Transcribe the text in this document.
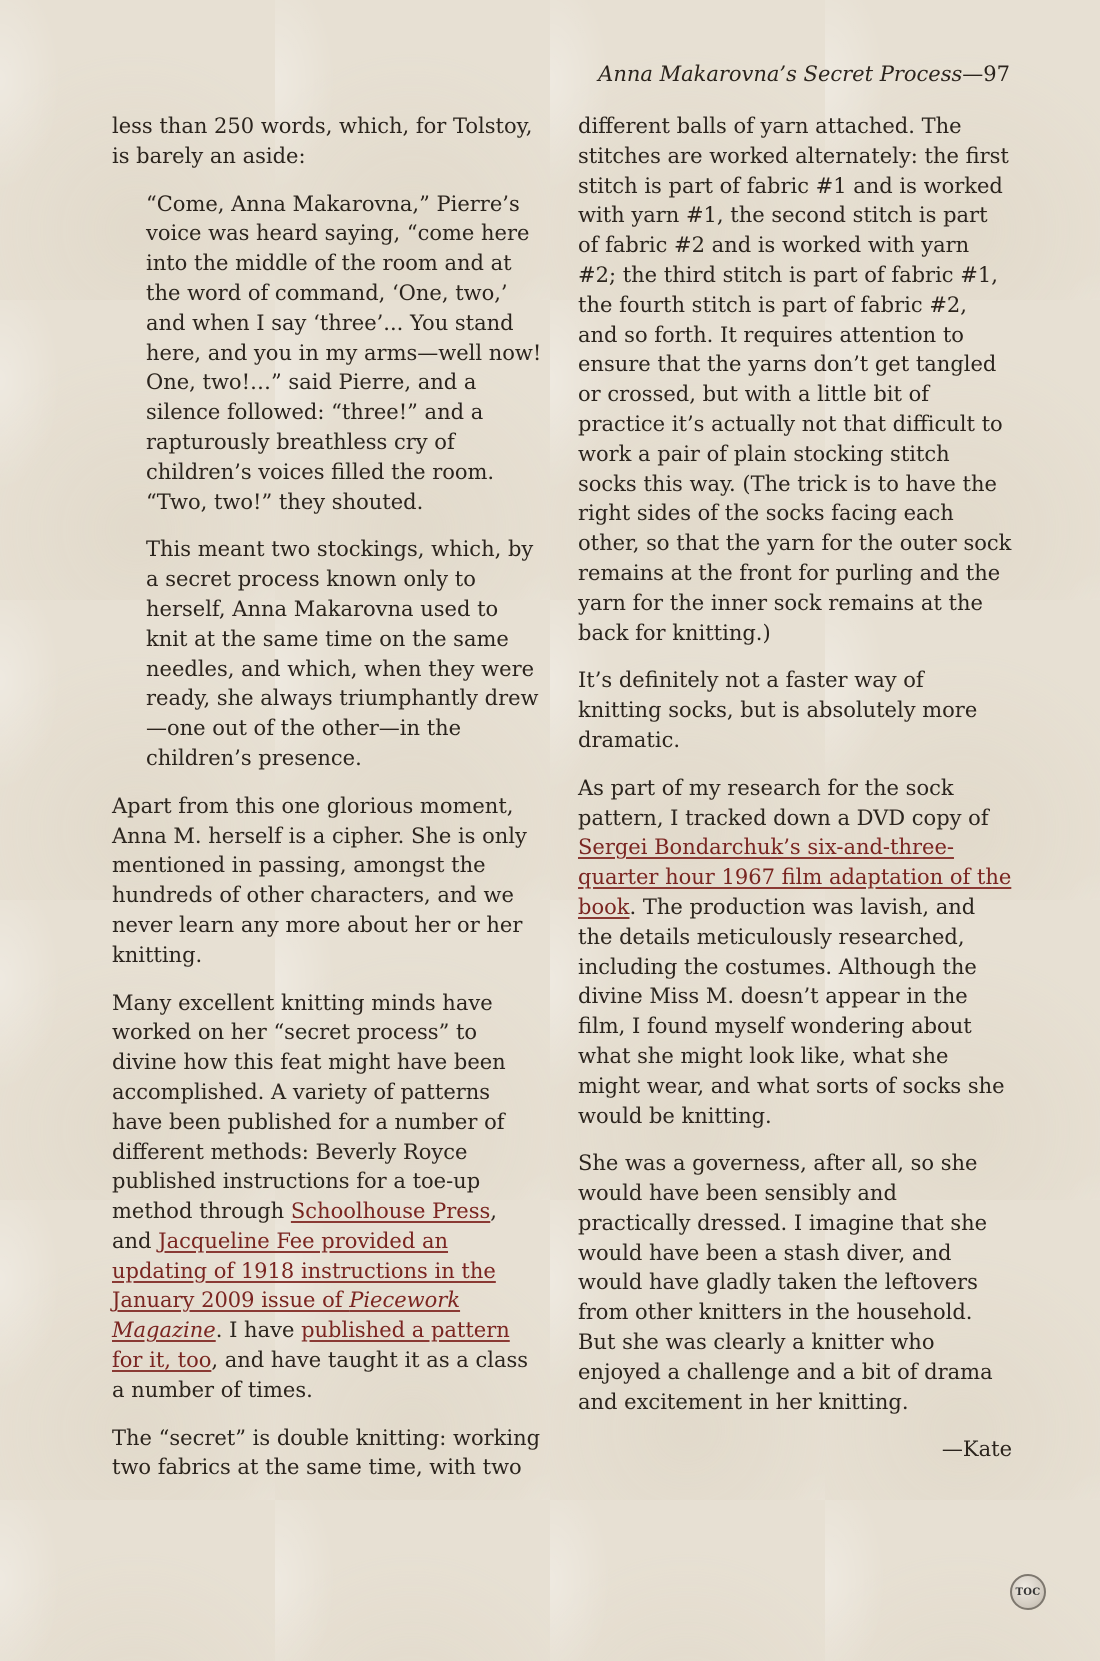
Anna Makarovna’s Secret Process—97

less than 250 words, which, for Tolstoy, is barely an aside:

“Come, Anna Makarovna,” Pierre’s voice was heard saying, “come here into the middle of the room and at the word of command, ‘One, two,’ and when I say ‘three’... You stand here, and you in my arms—well now! One, two!…” said Pierre, and a silence followed: “three!” and a rapturously breathless cry of children’s voices filled the room. “Two, two!” they shouted.

This meant two stockings, which, by a secret process known only to herself, Anna Makarovna used to knit at the same time on the same needles, and which, when they were ready, she always triumphantly drew—one out of the other—in the children’s presence.

Apart from this one glorious moment, Anna M. herself is a cipher. She is only mentioned in passing, amongst the hundreds of other characters, and we never learn any more about her or her knitting.

Many excellent knitting minds have worked on her “secret process” to divine how this feat might have been accomplished. A variety of patterns have been published for a number of different methods: Beverly Royce published instructions for a toe-up method through Schoolhouse Press, and Jacqueline Fee provided an updating of 1918 instructions in the January 2009 issue of Piecework Magazine. I have published a pattern for it, too, and have taught it as a class a number of times.

The “secret” is double knitting: working two fabrics at the same time, with two

different balls of yarn attached. The stitches are worked alternately: the first stitch is part of fabric #1 and is worked with yarn #1, the second stitch is part of fabric #2 and is worked with yarn #2; the third stitch is part of fabric #1, the fourth stitch is part of fabric #2, and so forth. It requires attention to ensure that the yarns don’t get tangled or crossed, but with a little bit of practice it’s actually not that difficult to work a pair of plain stocking stitch socks this way. (The trick is to have the right sides of the socks facing each other, so that the yarn for the outer sock remains at the front for purling and the yarn for the inner sock remains at the back for knitting.)

It’s definitely not a faster way of knitting socks, but is absolutely more dramatic.

As part of my research for the sock pattern, I tracked down a DVD copy of Sergei Bondarchuk’s six-and-three-quarter hour 1967 film adaptation of the book. The production was lavish, and the details meticulously researched, including the costumes. Although the divine Miss M. doesn’t appear in the film, I found myself wondering about what she might look like, what she might wear, and what sorts of socks she would be knitting.

She was a governess, after all, so she would have been sensibly and practically dressed. I imagine that she would have been a stash diver, and would have gladly taken the leftovers from other knitters in the household. But she was clearly a knitter who enjoyed a challenge and a bit of drama and excitement in her knitting.

—Kate

TOC
